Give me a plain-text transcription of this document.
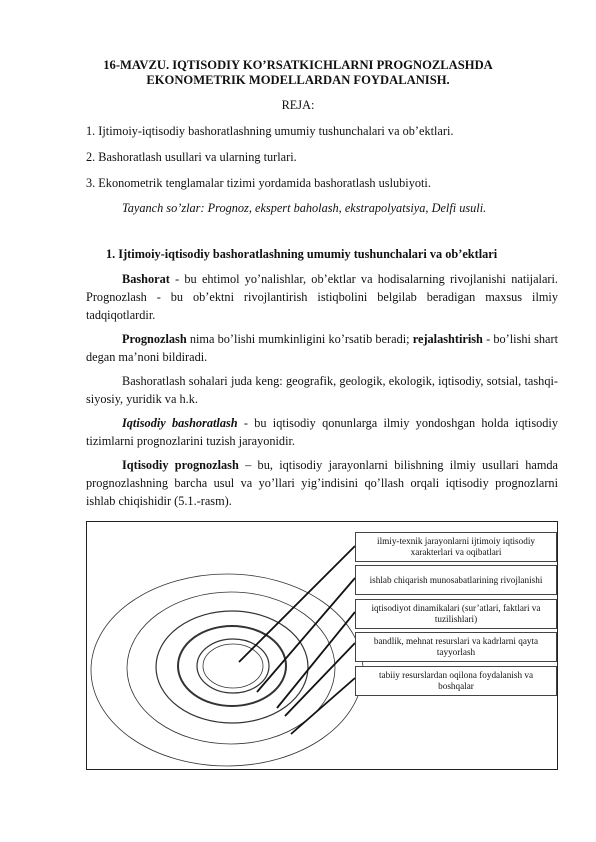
16-MAVZU. IQTISODIY KO’RSATKICHLARNI PROGNOZLASHDA
EKONOMETRIK MODELLARDAN FOYDALANISH.
REJA:
1. Ijtimoiy-iqtisodiy bashoratlashning umumiy tushunchalari va ob’ektlari.
2. Bashoratlash usullari va ularning turlari.
3. Ekonometrik tenglamalar tizimi yordamida bashoratlash uslubiyoti.
Tayanch so’zlar: Prognoz, ekspert baholash, ekstrapolyatsiya, Delfi usuli.
1. Ijtimoiy-iqtisodiy bashoratlashning umumiy tushunchalari va ob’ektlari

Bashorat - bu ehtimol yo’nalishlar, ob’ektlar va hodisalarning rivojlanishi natijalari. Prognozlash - bu ob’ektni rivojlantirish istiqbolini belgilab beradigan maxsus ilmiy tadqiqotlardir.

Prognozlash nima bo’lishi mumkinligini ko’rsatib beradi; rejalashtirish - bo’lishi shart degan ma’noni bildiradi.

Bashoratlash sohalari juda keng: geografik, geologik, ekologik, iqtisodiy, sotsial, tashqi-siyosiy, yuridik va h.k.

Iqtisodiy bashoratlash - bu iqtisodiy qonunlarga ilmiy yondoshgan holda iqtisodiy tizimlarni prognozlarini tuzish jarayonidir.

Iqtisodiy prognozlash – bu, iqtisodiy jarayonlarni bilishning ilmiy usullari hamda prognozlashning barcha usul va yo’llari yig’indisini qo’llash orqali iqtisodiy prognozlarni ishlab chiqishidir (5.1.-rasm).

ilmiy-texnik jarayonlarni ijtimoiy iqtisodiy xarakterlari va oqibatlari
ishlab chiqarish munosabatlarining rivojlanishi
iqtisodiyot dinamikalari (sur’atlari, faktlari va tuzilishlari)
bandlik, mehnat resurslari va kadrlarni qayta tayyorlash
tabiiy resurslardan oqilona foydalanish va boshqalar
